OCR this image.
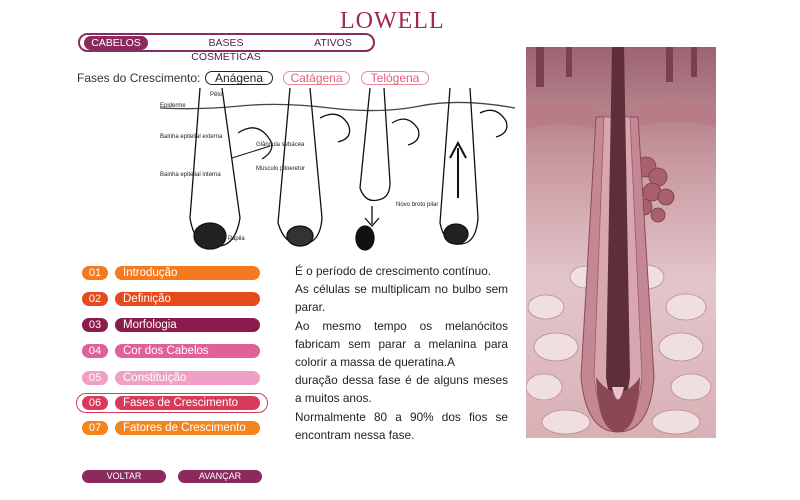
LOWELL
CABELOS	BASES COSMETICAS
ATIVOS
Fases do Crescimento:	Anágena	Catágena	Telógena
Pêlo
Epiderme
Bainha epitelial externa
Glândula sebácea
Músculo piloeretor
Bainha epitelial interna
Papila
Novo broto pilar
01	Introdução
02	Definição
03	Morfologia
04	Cor dos Cabelos
05	Constituição
06	Fases de Crescimento
07	Fatores de Crescimento

É o período de crescimento contínuo.

As células se multiplicam no bulbo sem parar.

Ao mesmo tempo os melanócitos fabricam sem parar a melanina para colorir a massa de queratina.A

duração dessa fase é de alguns meses a muitos anos.

Normalmente 80 a 90% dos fios se encontram nessa fase.

VOLTAR	AVANÇAR
